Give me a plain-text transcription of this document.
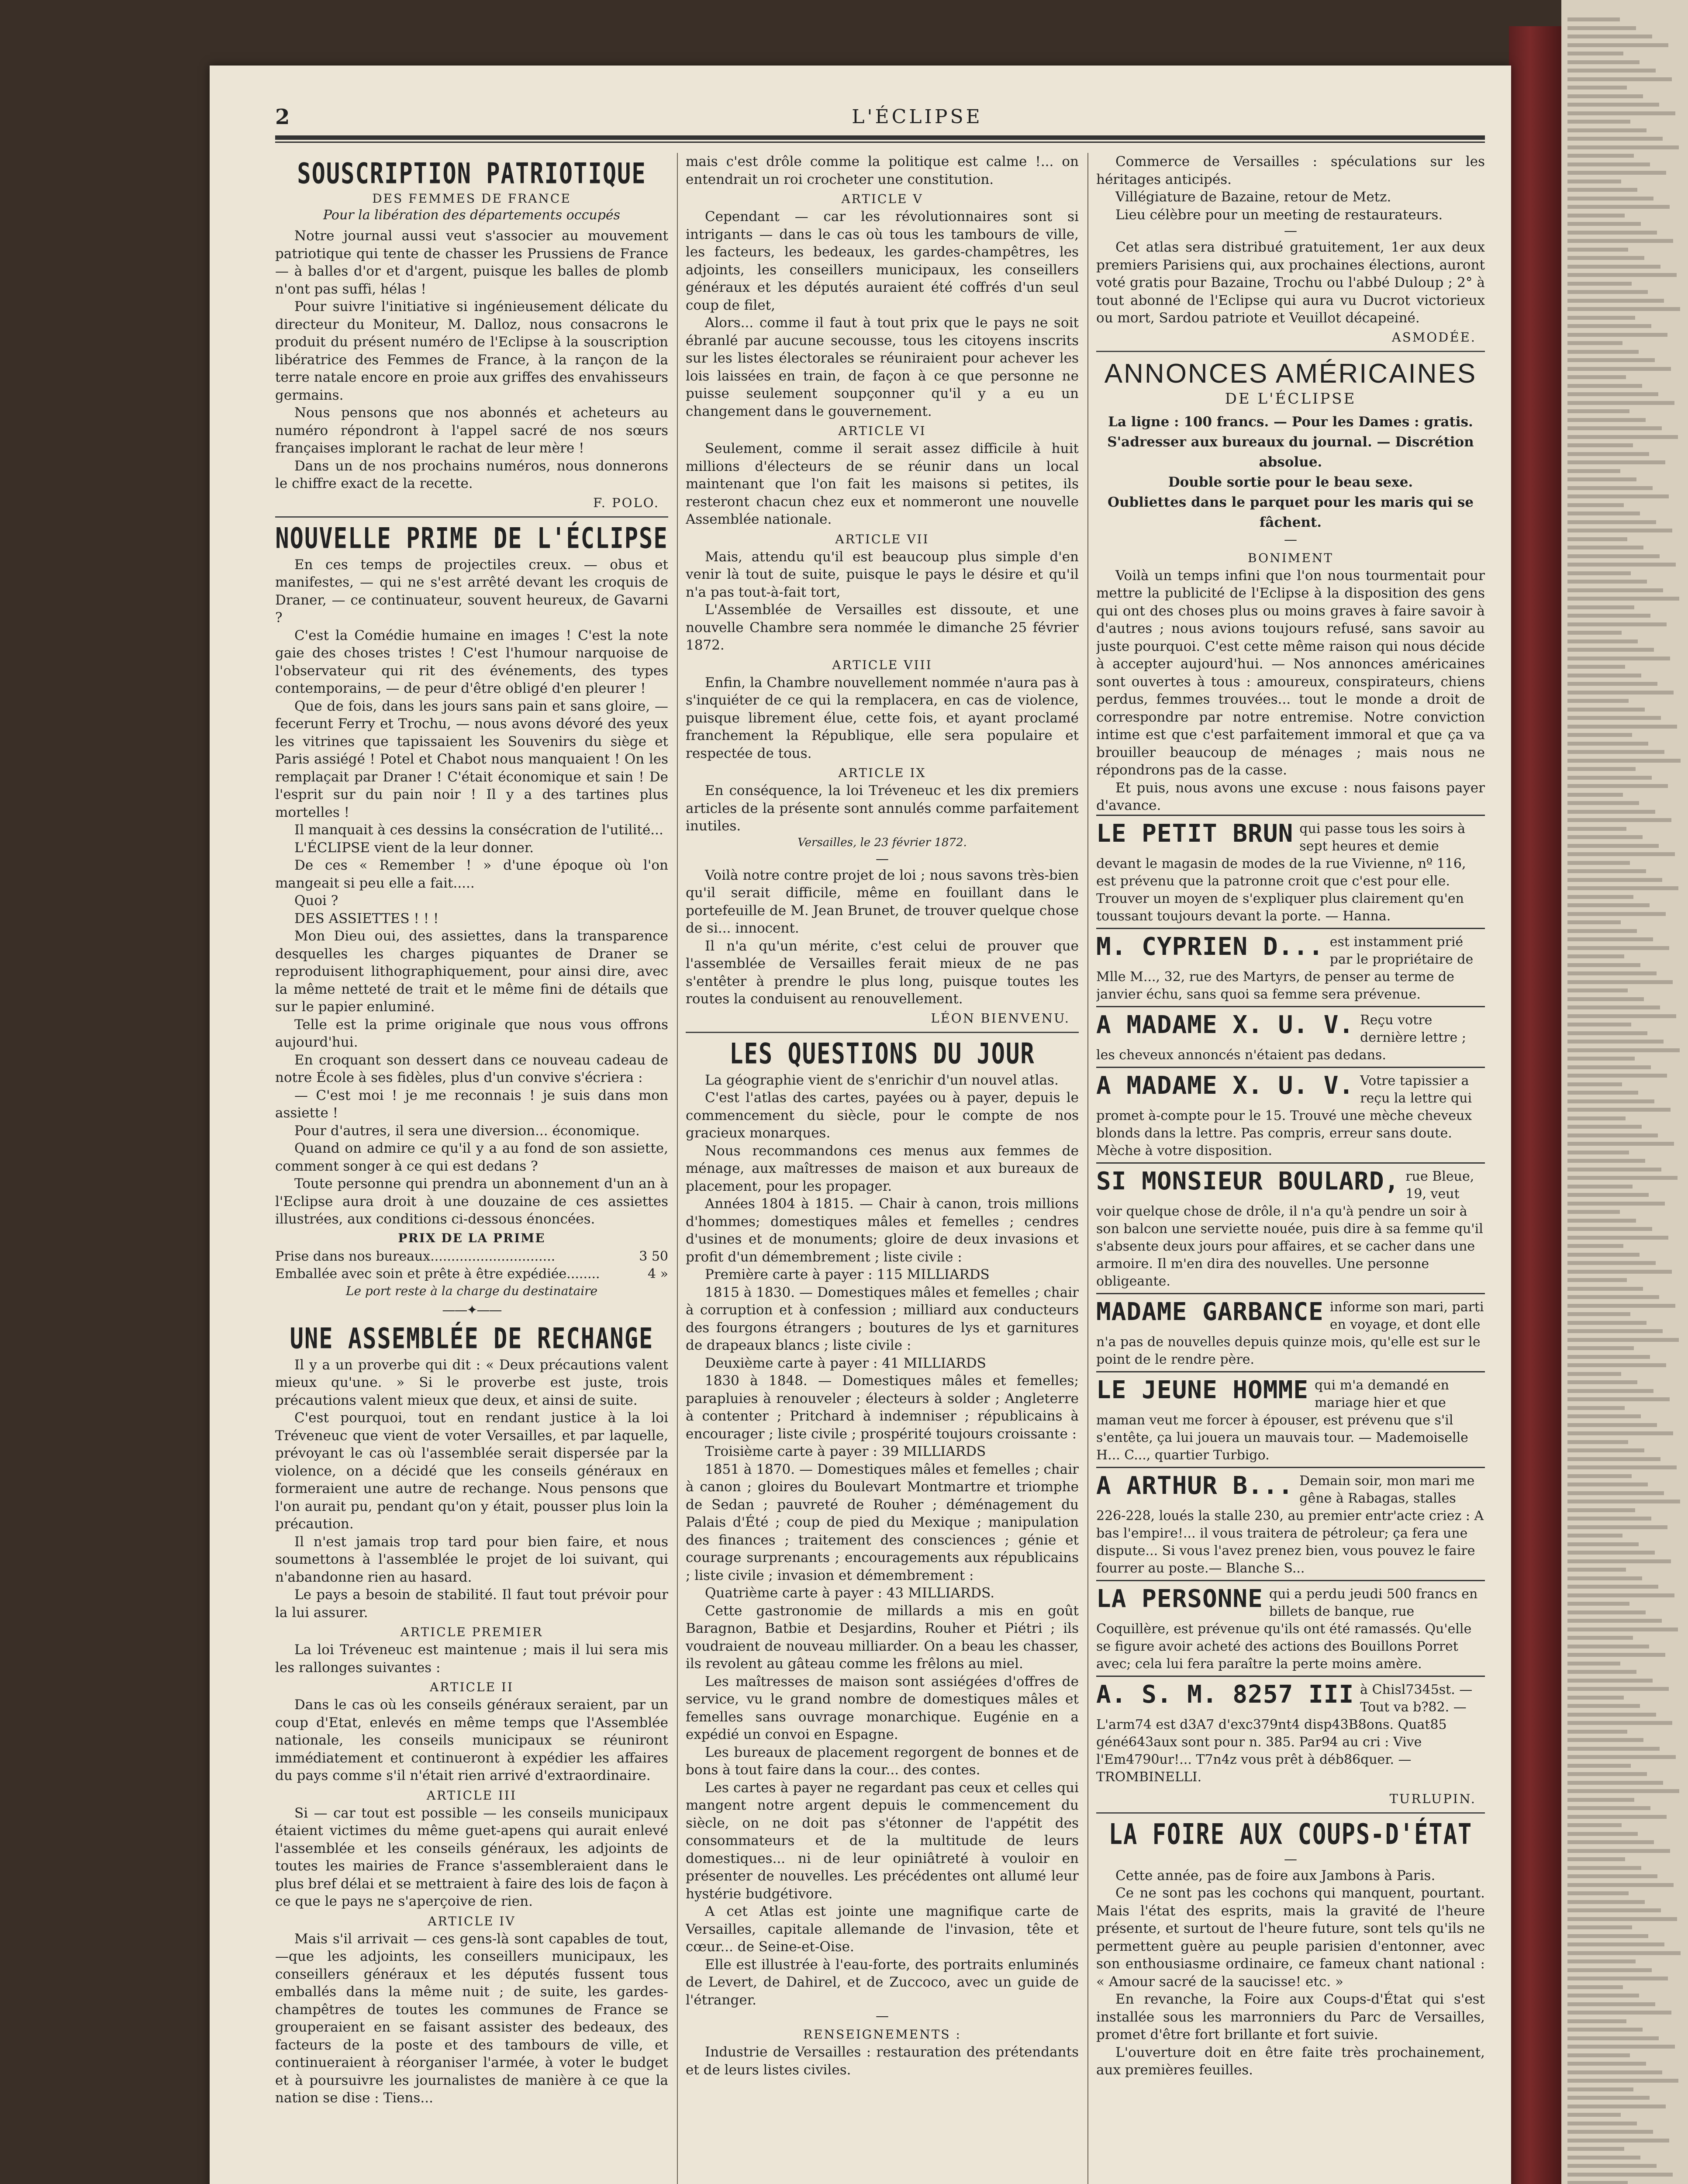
2	L'ÉCLIPSE
SOUSCRIPTION PATRIOTIQUE
DES FEMMES DE FRANCE
Pour la libération des départements occupés

Notre journal aussi veut s'associer au mouvement patriotique qui tente de chasser les Prussiens de France — à balles d'or et d'argent, puisque les balles de plomb n'ont pas suffi, hélas !

Pour suivre l'initiative si ingénieusement délicate du directeur du Moniteur, M. Dalloz, nous consacrons le produit du présent numéro de l'Eclipse à la souscription libératrice des Femmes de France, à la rançon de la terre natale encore en proie aux griffes des envahisseurs germains.

Nous pensons que nos abonnés et acheteurs au numéro répondront à l'appel sacré de nos sœurs françaises implorant le rachat de leur mère !

Dans un de nos prochains numéros, nous donnerons le chiffre exact de la recette.

F. POLO.
NOUVELLE PRIME DE L'ÉCLIPSE

En ces temps de projectiles creux. — obus et manifestes, — qui ne s'est arrêté devant les croquis de Draner, — ce continuateur, souvent heureux, de Gavarni ?

C'est la Comédie humaine en images ! C'est la note gaie des choses tristes ! C'est l'humour narquoise de l'observateur qui rit des événements, des types contemporains, — de peur d'être obligé d'en pleurer !

Que de fois, dans les jours sans pain et sans gloire, — fecerunt Ferry et Trochu, — nous avons dévoré des yeux les vitrines que tapissaient les Souvenirs du siège et Paris assiégé ! Potel et Chabot nous manquaient ! On les remplaçait par Draner ! C'était économique et sain ! De l'esprit sur du pain noir ! Il y a des tartines plus mortelles !

Il manquait à ces dessins la consécration de l'utilité...

L'ÉCLIPSE vient de la leur donner.

De ces « Remember ! » d'une époque où l'on mangeait si peu elle a fait.....

Quoi ?

DES ASSIETTES ! ! !

Mon Dieu oui, des assiettes, dans la transparence desquelles les charges piquantes de Draner se reproduisent lithographiquement, pour ainsi dire, avec la même netteté de trait et le même fini de détails que sur le papier enluminé.

Telle est la prime originale que nous vous offrons aujourd'hui.

En croquant son dessert dans ce nouveau cadeau de notre École à ses fidèles, plus d'un convive s'écriera :

— C'est moi ! je me reconnais ! je suis dans mon assiette !

Pour d'autres, il sera une diversion... économique.

Quand on admire ce qu'il y a au fond de son assiette, comment songer à ce qui est dedans ?

Toute personne qui prendra un abonnement d'un an à l'Eclipse aura droit à une douzaine de ces assiettes illustrées, aux conditions ci-dessous énoncées.

PRIX DE LA PRIME
Prise dans nos bureaux..............................	3 50
Emballée avec soin et prête à être expédiée........	4 »
Le port reste à la charge du destinataire
——✦——
UNE ASSEMBLÉE DE RECHANGE

Il y a un proverbe qui dit : « Deux précautions valent mieux qu'une. » Si le proverbe est juste, trois précautions valent mieux que deux, et ainsi de suite.

C'est pourquoi, tout en rendant justice à la loi Tréveneuc que vient de voter Versailles, et par laquelle, prévoyant le cas où l'assemblée serait dispersée par la violence, on a décidé que les conseils généraux en formeraient une autre de rechange. Nous pensons que l'on aurait pu, pendant qu'on y était, pousser plus loin la précaution.

Il n'est jamais trop tard pour bien faire, et nous soumettons à l'assemblée le projet de loi suivant, qui n'abandonne rien au hasard.

Le pays a besoin de stabilité. Il faut tout prévoir pour la lui assurer.

ARTICLE PREMIER

La loi Tréveneuc est maintenue ; mais il lui sera mis les rallonges suivantes :

ARTICLE II

Dans le cas où les conseils généraux seraient, par un coup d'Etat, enlevés en même temps que l'Assemblée nationale, les conseils municipaux se réuniront immédiatement et continueront à expédier les affaires du pays comme s'il n'était rien arrivé d'extraordinaire.

ARTICLE III

Si — car tout est possible — les conseils municipaux étaient victimes du même guet-apens qui aurait enlevé l'assemblée et les conseils généraux, les adjoints de toutes les mairies de France s'assembleraient dans le plus bref délai et se mettraient à faire des lois de façon à ce que le pays ne s'aperçoive de rien.

ARTICLE IV

Mais s'il arrivait — ces gens-là sont capables de tout,—que les adjoints, les conseillers municipaux, les conseillers généraux et les députés fussent tous emballés dans la même nuit ; de suite, les gardes-champêtres de toutes les communes de France se grouperaient en se faisant assister des bedeaux, des facteurs de la poste et des tambours de ville, et continueraient à réorganiser l'armée, à voter le budget et à poursuivre les journalistes de manière à ce que la nation se dise : Tiens...

mais c'est drôle comme la politique est calme !... on entendrait un roi crocheter une constitution.

ARTICLE V

Cependant — car les révolutionnaires sont si intrigants — dans le cas où tous les tambours de ville, les facteurs, les bedeaux, les gardes-champêtres, les adjoints, les conseillers municipaux, les conseillers généraux et les députés auraient été coffrés d'un seul coup de filet,

Alors... comme il faut à tout prix que le pays ne soit ébranlé par aucune secousse, tous les citoyens inscrits sur les listes électorales se réuniraient pour achever les lois laissées en train, de façon à ce que personne ne puisse seulement soupçonner qu'il y a eu un changement dans le gouvernement.

ARTICLE VI

Seulement, comme il serait assez difficile à huit millions d'électeurs de se réunir dans un local maintenant que l'on fait les maisons si petites, ils resteront chacun chez eux et nommeront une nouvelle Assemblée nationale.

ARTICLE VII

Mais, attendu qu'il est beaucoup plus simple d'en venir là tout de suite, puisque le pays le désire et qu'il n'a pas tout-à-fait tort,

L'Assemblée de Versailles est dissoute, et une nouvelle Chambre sera nommée le dimanche 25 février 1872.

ARTICLE VIII

Enfin, la Chambre nouvellement nommée n'aura pas à s'inquiéter de ce qui la remplacera, en cas de violence, puisque librement élue, cette fois, et ayant proclamé franchement la République, elle sera populaire et respectée de tous.

ARTICLE IX

En conséquence, la loi Tréveneuc et les dix premiers articles de la présente sont annulés comme parfaitement inutiles.

Versailles, le 23 février 1872.
—

Voilà notre contre projet de loi ; nous savons très-bien qu'il serait difficile, même en fouillant dans le portefeuille de M. Jean Brunet, de trouver quelque chose de si... innocent.

Il n'a qu'un mérite, c'est celui de prouver que l'assemblée de Versailles ferait mieux de ne pas s'entêter à prendre le plus long, puisque toutes les routes la conduisent au renouvellement.

LÉON BIENVENU.
LES QUESTIONS DU JOUR

La géographie vient de s'enrichir d'un nouvel atlas.

C'est l'atlas des cartes, payées ou à payer, depuis le commencement du siècle, pour le compte de nos gracieux monarques.

Nous recommandons ces menus aux femmes de ménage, aux maîtresses de maison et aux bureaux de placement, pour les propager.

Années 1804 à 1815. — Chair à canon, trois millions d'hommes; domestiques mâles et femelles ; cendres d'usines et de monuments; gloire de deux invasions et profit d'un démembrement ; liste civile :

Première carte à payer : 115 MILLIARDS

1815 à 1830. — Domestiques mâles et femelles ; chair à corruption et à confession ; milliard aux conducteurs des fourgons étrangers ; boutures de lys et garnitures de drapeaux blancs ; liste civile :

Deuxième carte à payer : 41 MILLIARDS

1830 à 1848. — Domestiques mâles et femelles; parapluies à renouveler ; électeurs à solder ; Angleterre à contenter ; Pritchard à indemniser ; républicains à encourager ; liste civile ; prospérité toujours croissante :

Troisième carte à payer : 39 MILLIARDS

1851 à 1870. — Domestiques mâles et femelles ; chair à canon ; gloires du Boulevart Montmartre et triomphe de Sedan ; pauvreté de Rouher ; déménagement du Palais d'Été ; coup de pied du Mexique ; manipulation des finances ; traitement des consciences ; génie et courage surprenants ; encouragements aux républicains ; liste civile ; invasion et démembrement :

Quatrième carte à payer : 43 MILLIARDS.

Cette gastronomie de millards a mis en goût Baragnon, Batbie et Desjardins, Rouher et Piétri ; ils voudraient de nouveau milliarder. On a beau les chasser, ils revolent au gâteau comme les frêlons au miel.

Les maîtresses de maison sont assiégées d'offres de service, vu le grand nombre de domestiques mâles et femelles sans ouvrage monarchique. Eugénie en a expédié un convoi en Espagne.

Les bureaux de placement regorgent de bonnes et de bons à tout faire dans la cour... des contes.

Les cartes à payer ne regardant pas ceux et celles qui mangent notre argent depuis le commencement du siècle, on ne doit pas s'étonner de l'appétit des consommateurs et de la multitude de leurs domestiques... ni de leur opiniâtreté à vouloir en présenter de nouvelles. Les précédentes ont allumé leur hystérie budgétivore.

A cet Atlas est jointe une magnifique carte de Versailles, capitale allemande de l'invasion, tête et cœur... de Seine-et-Oise.

Elle est illustrée à l'eau-forte, des portraits enluminés de Levert, de Dahirel, et de Zuccoco, avec un guide de l'étranger.

—
RENSEIGNEMENTS :

Industrie de Versailles : restauration des prétendants et de leurs listes civiles.

Commerce de Versailles : spéculations sur les héritages anticipés.

Villégiature de Bazaine, retour de Metz.

Lieu célèbre pour un meeting de restaurateurs.

—

Cet atlas sera distribué gratuitement, 1er aux deux premiers Parisiens qui, aux prochaines élections, auront voté gratis pour Bazaine, Trochu ou l'abbé Duloup ; 2° à tout abonné de l'Eclipse qui aura vu Ducrot victorieux ou mort, Sardou patriote et Veuillot décapeiné.

ASMODÉE.
ANNONCES AMÉRICAINES
DE L'ÉCLIPSE
La ligne : 100 francs. — Pour les Dames : gratis.
S'adresser aux bureaux du journal. — Discrétion absolue.
Double sortie pour le beau sexe.
Oubliettes dans le parquet pour les maris qui se fâchent.
—
BONIMENT

Voilà un temps infini que l'on nous tourmentait pour mettre la publicité de l'Eclipse à la disposition des gens qui ont des choses plus ou moins graves à faire savoir à d'autres ; nous avions toujours refusé, sans savoir au juste pourquoi. C'est cette même raison qui nous décide à accepter aujourd'hui. — Nos annonces américaines sont ouvertes à tous : amoureux, conspirateurs, chiens perdus, femmes trouvées... tout le monde a droit de correspondre par notre entremise. Notre conviction intime est que c'est parfaitement immoral et que ça va brouiller beaucoup de ménages ; mais nous ne répondrons pas de la casse.

Et puis, nous avons une excuse : nous faisons payer d'avance.

LE PETIT BRUN qui passe tous les soirs à sept heures et demie devant le magasin de modes de la rue Vivienne, nº 116, est prévenu que la patronne croit que c'est pour elle. Trouver un moyen de s'expliquer plus clairement qu'en toussant toujours devant la porte. — Hanna.
M. CYPRIEN D... est instamment prié par le propriétaire de Mlle M..., 32, rue des Martyrs, de penser au terme de janvier échu, sans quoi sa femme sera prévenue.
A MADAME X. U. V. Reçu votre dernière lettre ; les cheveux annoncés n'étaient pas dedans.
A MADAME X. U. V. Votre tapissier a reçu la lettre qui promet à-compte pour le 15. Trouvé une mèche cheveux blonds dans la lettre. Pas compris, erreur sans doute. Mèche à votre disposition.
SI MONSIEUR BOULARD, rue Bleue, 19, veut voir quelque chose de drôle, il n'a qu'à pendre un soir à son balcon une serviette nouée, puis dire à sa femme qu'il s'absente deux jours pour affaires, et se cacher dans une armoire. Il m'en dira des nouvelles. Une personne obligeante.
MADAME GARBANCE informe son mari, parti en voyage, et dont elle n'a pas de nouvelles depuis quinze mois, qu'elle est sur le point de le rendre père.
LE JEUNE HOMME qui m'a demandé en mariage hier et que maman veut me forcer à épouser, est prévenu que s'il s'entête, ça lui jouera un mauvais tour. — Mademoiselle H... C..., quartier Turbigo.
A ARTHUR B... Demain soir, mon mari me gêne à Rabagas, stalles 226-228, loués la stalle 230, au premier entr'acte criez : A bas l'empire!... il vous traitera de pétroleur; ça fera une dispute... Si vous l'avez prenez bien, vous pouvez le faire fourrer au poste.— Blanche S...
LA PERSONNE qui a perdu jeudi 500 francs en billets de banque, rue Coquillère, est prévenue qu'ils ont été ramassés. Qu'elle se figure avoir acheté des actions des Bouillons Porret avec; cela lui fera paraître la perte moins amère.
A. S. M. 8257 III à Chisl7345st. — Tout va b?82. — L'arm74 est d3A7 d'exc379nt4 disp43B8ons. Quat85 géné643aux sont pour n. 385. Par94 au cri : Vive l'Em4790ur!... T7n4z vous prêt à déb86quer. — TROMBINELLI.
TURLUPIN.
LA FOIRE AUX COUPS-D'ÉTAT
—

Cette année, pas de foire aux Jambons à Paris.

Ce ne sont pas les cochons qui manquent, pourtant. Mais l'état des esprits, mais la gravité de l'heure présente, et surtout de l'heure future, sont tels qu'ils ne permettent guère au peuple parisien d'entonner, avec son enthousiasme ordinaire, ce fameux chant national : « Amour sacré de la saucisse! etc. »

En revanche, la Foire aux Coups-d'État qui s'est installée sous les marronniers du Parc de Versailles, promet d'être fort brillante et fort suivie.

L'ouverture doit en être faite très prochainement, aux premières feuilles.
